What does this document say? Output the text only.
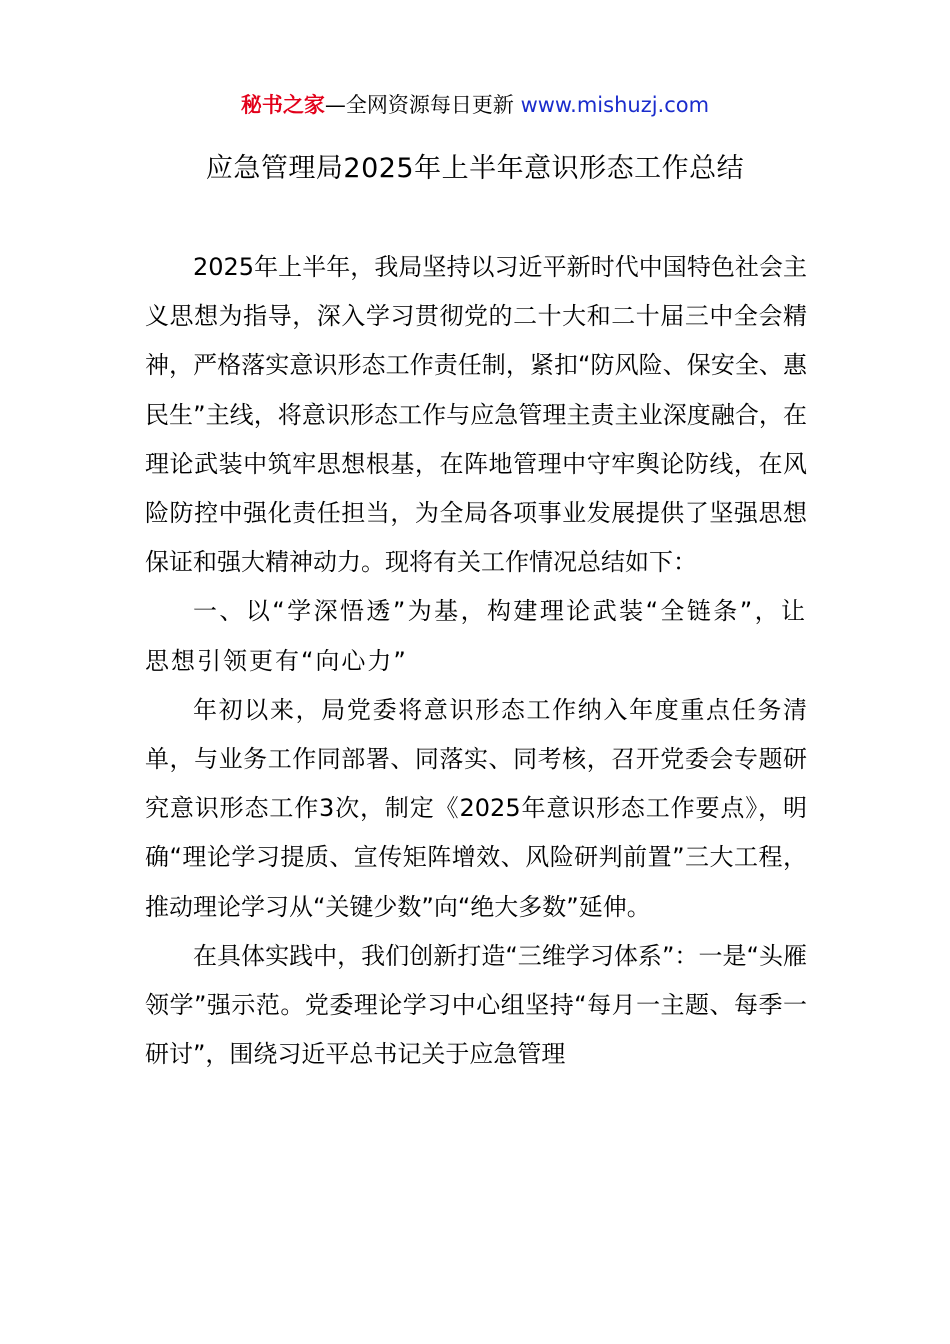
秘书之家—全网资源每日更新 www.mishuzj.com
应急管理局2025年上半年意识形态工作总结

2025年上半年，我局坚持以习近平新时代中国特色社会主义思想为指导，深入学习贯彻党的二十大和二十届三中全会精神，严格落实意识形态工作责任制，紧扣“防风险、保安全、惠民生”主线，将意识形态工作与应急管理主责主业深度融合，在理论武装中筑牢思想根基，在阵地管理中守牢舆论防线，在风险防控中强化责任担当，为全局各项事业发展提供了坚强思想保证和强大精神动力。现将有关工作情况总结如下：

一、以“学深悟透”为基，构建理论武装“全链条”，让思想引领更有“向心力”

年初以来，局党委将意识形态工作纳入年度重点任务清单，与业务工作同部署、同落实、同考核，召开党委会专题研究意识形态工作3次，制定《2025年意识形态工作要点》，明确“理论学习提质、宣传矩阵增效、风险研判前置”三大工程，推动理论学习从“关键少数”向“绝大多数”延伸。

在具体实践中，我们创新打造“三维学习体系”：一是“头雁领学”强示范。党委理论学习中心组坚持“每月一主题、每季一研讨”，围绕习近平总书记关于应急管理
